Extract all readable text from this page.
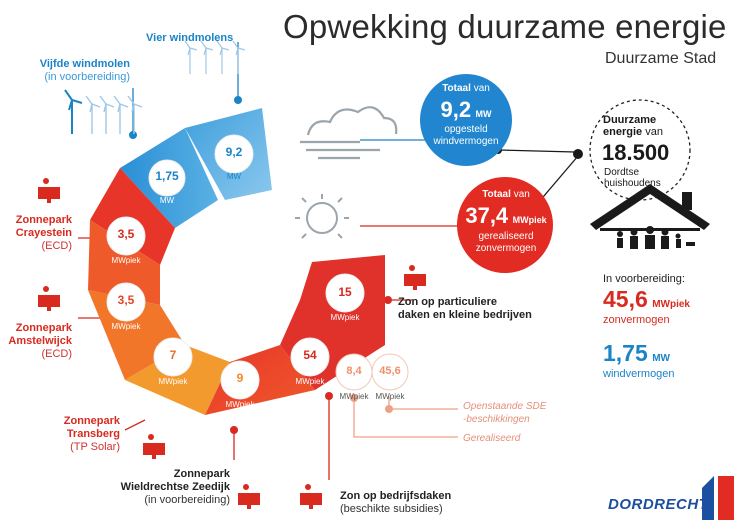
Opwekking duurzame energie
Duurzame Stad
9,2
MW
1,75
MW
3,5
MWpiek
3,5
MWpiek
7
MWpiek	9
MWpiek
54
MWpiek
15
MWpiek
8,4
MWpiek
45,6
MWpiek
Vier windmolens
Vijfde windmolen
(in voorbereiding)
Zonnepark
Crayestein
(ECD)
Zonnepark
Amstelwijck
(ECD)
Zonnepark
Transberg
(TP Solar)
Zonnepark
Wieldrechtse Zeedijk
(in voorbereiding)	Zon op bedrijfsdaken
(beschikte subsidies)
Zon op particuliere
daken en kleine bedrijven
Openstaande SDE
-beschikkingen
Gerealiseerd
Totaal van
9,2 MW
opgesteld
windvermogen
Totaal van
37,4 MWpiek
gerealiseerd
zonvermogen
Duurzame
energie van
18.500
Dordtse
huishoudens
In voorbereiding:
45,6 MWpiek
zonvermogen
1,75 MW
windvermogen
DORDRECHT
